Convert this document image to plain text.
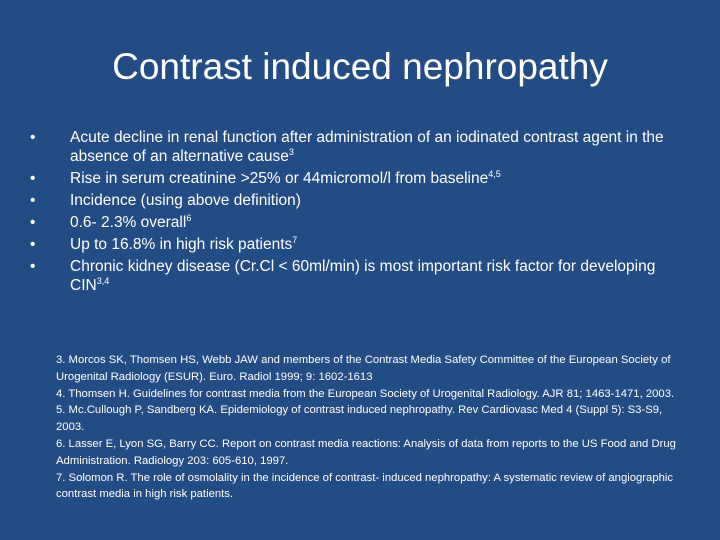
Contrast induced nephropathy
•	Acute decline in renal function after administration of an iodinated contrast agent in the absence of an alternative cause$^3$
•	Rise in serum creatinine >25% or 44micromol/l from baseline$^{4,5}$
•	Incidence (using above definition)
•	0.6- 2.3% overall$^6$
•	Up to 16.8% in high risk patients$^7$
•	Chronic kidney disease (Cr.Cl < 60ml/min) is most important risk factor for developing CIN$^{3,4}$

3. Morcos SK, Thomsen HS, Webb JAW and members of the Contrast Media Safety Committee of the European Society of Urogenital Radiology (ESUR). Euro. Radiol 1999; 9: 1602-1613

4. Thomsen H. Guidelines for contrast media from the European Society of Urogenital Radiology. AJR 81; 1463-1471, 2003.

5. Mc.Cullough P, Sandberg KA. Epidemiology of contrast induced nephropathy. Rev Cardiovasc Med 4 (Suppl 5): S3-S9, 2003.

6. Lasser E, Lyon SG, Barry CC. Report on contrast media reactions: Analysis of data from reports to the US Food and Drug Administration. Radiology 203: 605-610, 1997.

7. Solomon R. The role of osmolality in the incidence of contrast- induced nephropathy: A systematic review of angiographic contrast media in high risk patients.
